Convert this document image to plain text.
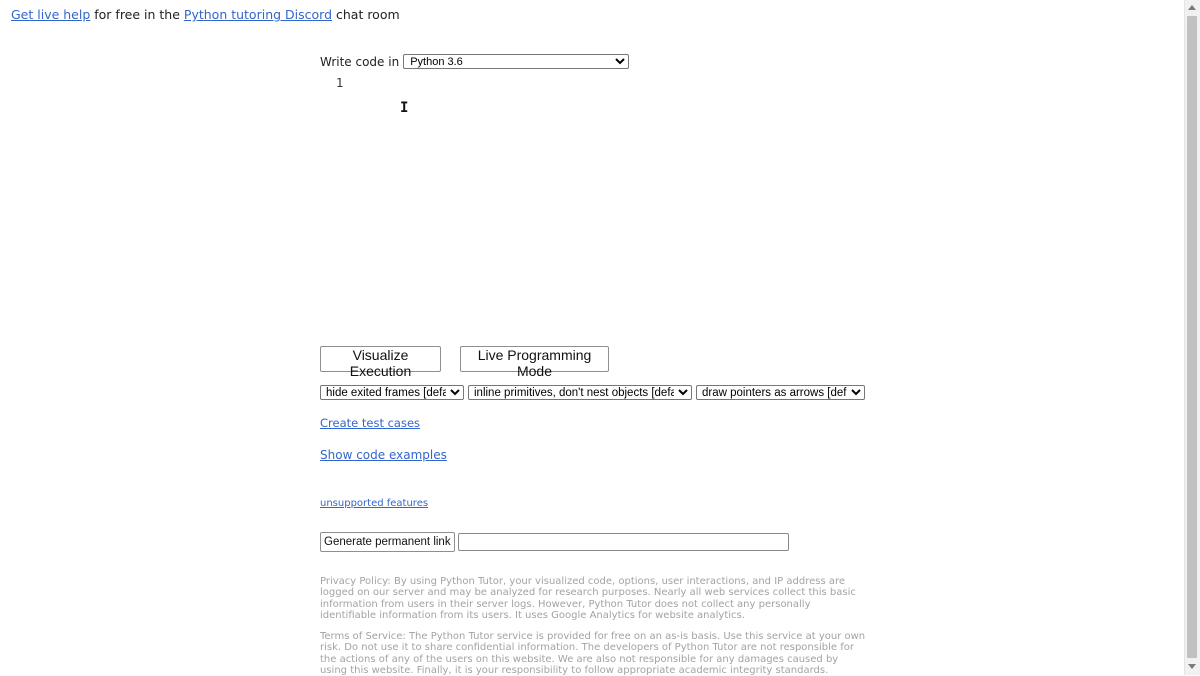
Get live help for free in the Python tutoring Discord chat room
Write code in
Python 3.6
1
I
Visualize Execution
Live Programming Mode
hide exited frames [default]
inline primitives, don't nest objects [default]
draw pointers as arrows [default]
Create test cases
Show code examples
unsupported features
Generate permanent link
Privacy Policy: By using Python Tutor, your visualized code, options, user interactions, and IP address are logged on our server and may be analyzed for research purposes. Nearly all web services collect this basic information from users in their server logs. However, Python Tutor does not collect any personally identifiable information from its users. It uses Google Analytics for website analytics.
Terms of Service: The Python Tutor service is provided for free on an as-is basis. Use this service at your own risk. Do not use it to share confidential information. The developers of Python Tutor are not responsible for the actions of any of the users on this website. We are also not responsible for any damages caused by using this website. Finally, it is your responsibility to follow appropriate academic integrity standards.
